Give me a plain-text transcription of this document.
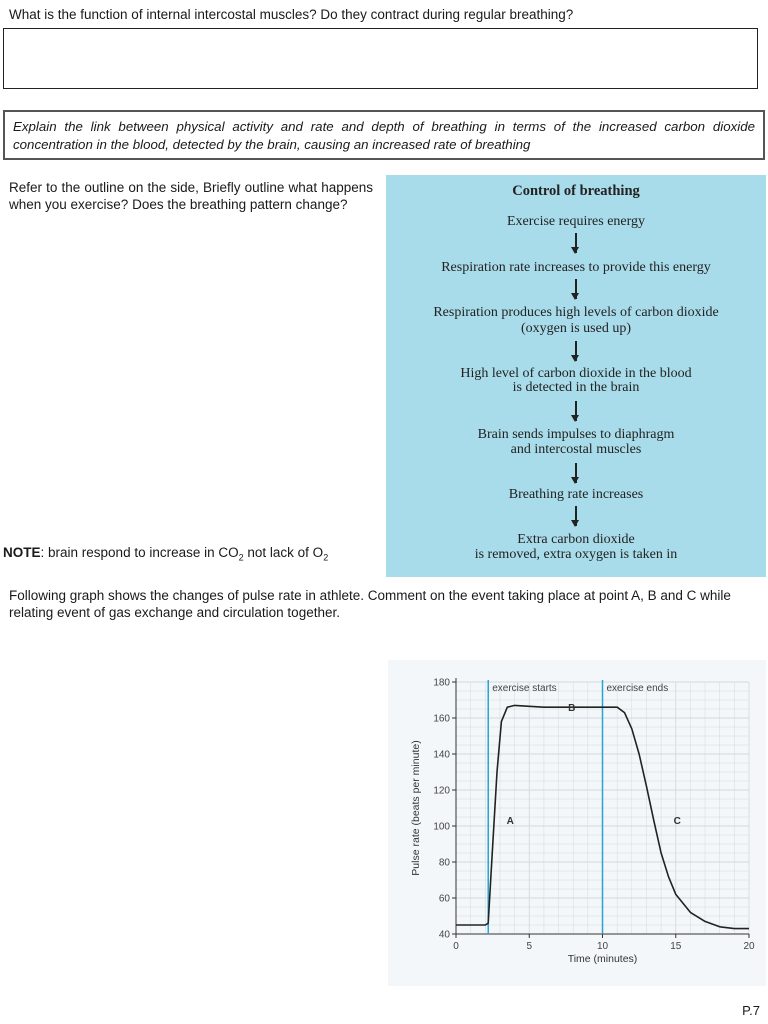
What is the function of internal intercostal muscles? Do they contract during regular breathing?
Explain the link between physical activity and rate and depth of breathing in terms of the increased carbon dioxide concentration in the blood, detected by the brain, causing an increased rate of breathing
Refer to the outline on the side, Briefly outline what happens when you exercise? Does the breathing pattern change?
NOTE: brain respond to increase in $CO_2$ not lack of $O_2$
Control of breathing
Exercise requires energy
Respiration rate increases to provide this energy
Respiration produces high levels of carbon dioxide
(oxygen is used up)
High level of carbon dioxide in the blood
is detected in the brain
Brain sends impulses to diaphragm
and intercostal muscles
Breathing rate increases
Extra carbon dioxide
is removed, extra oxygen is taken in
Following graph shows the changes of pulse rate in athlete. Comment on the event taking place at point A, B and C while relating event of gas exchange and circulation together.
40
60
80
100
120
140
160
180
0	5	10	15	20
Time (minutes)
Pulse rate (beats per minute)
exercise starts	exercise ends
A
B
C
P.7
